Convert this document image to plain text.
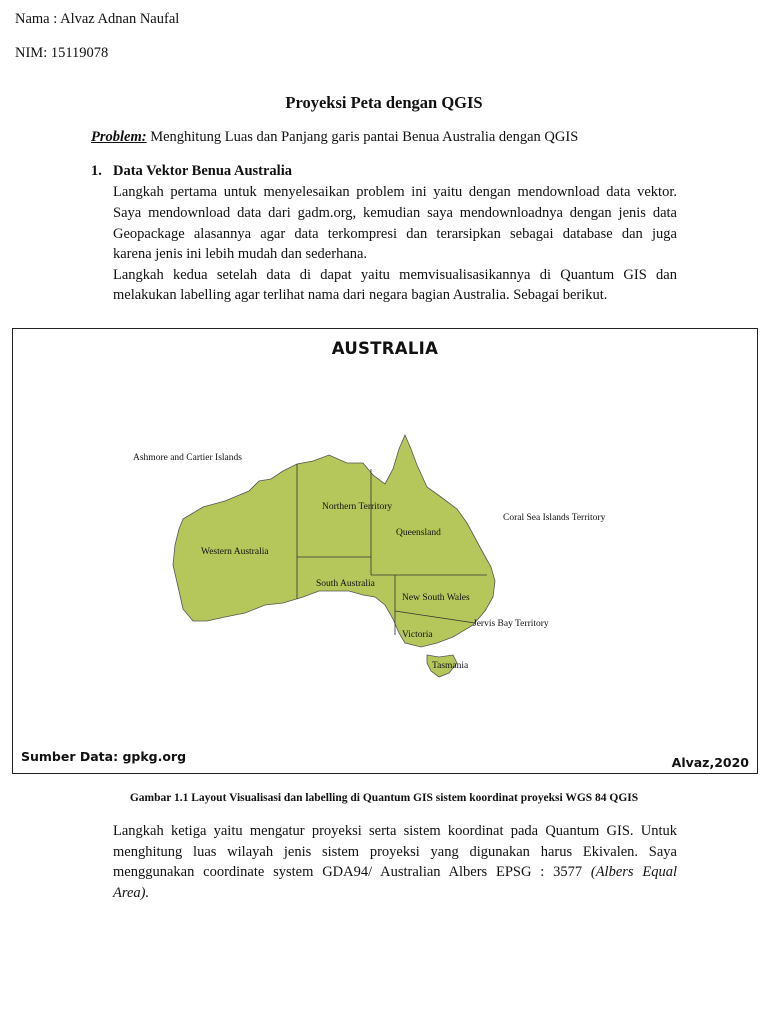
Nama : Alvaz Adnan Naufal
NIM: 15119078
Proyeksi Peta dengan QGIS
Problem: Menghitung Luas dan Panjang garis pantai Benua Australia dengan QGIS
1. Data Vektor Benua Australia
Langkah pertama untuk menyelesaikan problem ini yaitu dengan mendownload data vektor.
Saya mendownload data dari gadm.org, kemudian saya mendownloadnya dengan jenis data
Geopackage alasannya agar data terkompresi dan terarsipkan sebagai database dan juga
karena jenis ini lebih mudah dan sederhana.
Langkah kedua setelah data di dapat yaitu memvisualisasikannya di Quantum GIS dan
melakukan labelling agar terlihat nama dari negara bagian Australia. Sebagai berikut.
AUSTRALIA
Ashmore and Cartier Islands
Northern Territory
Queensland
Coral Sea Islands Territory
Western Australia
South Australia
New South Wales
Jervis Bay Territory
Victoria
Tasmania
Sumber Data: gpkg.org	Alvaz,2020
Gambar 1.1 Layout Visualisasi dan labelling di Quantum GIS sistem koordinat proyeksi WGS 84 QGIS
Langkah ketiga yaitu mengatur proyeksi serta sistem koordinat pada Quantum GIS. Untuk
menghitung luas wilayah jenis sistem proyeksi yang digunakan harus Ekivalen. Saya
menggunakan coordinate system GDA94/ Australian Albers EPSG : 3577 (Albers Equal
Area).
